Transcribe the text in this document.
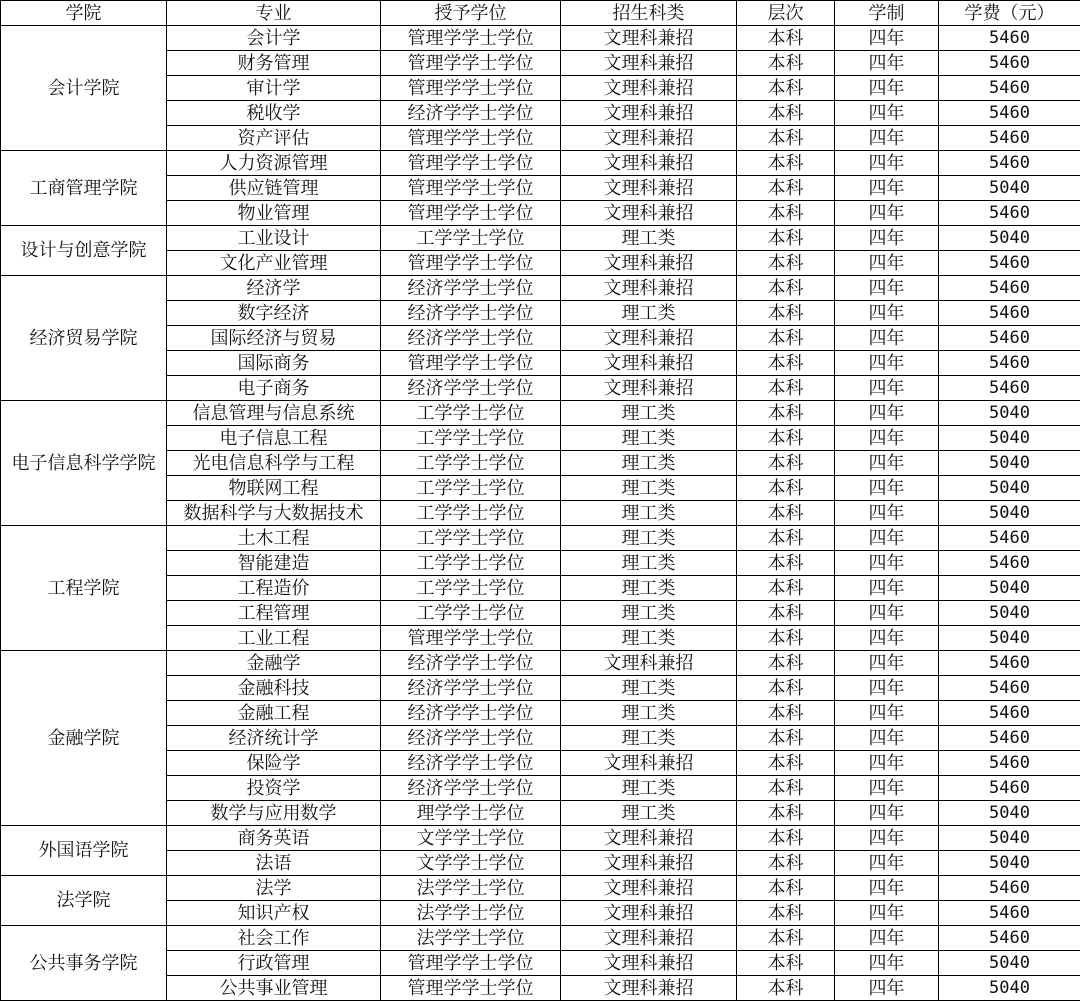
学院	专业	授予学位	招生科类	层次	学制	学费（元）
会计学院	会计学	管理学学士学位	文理科兼招	本科	四年	5460
	财务管理	管理学学士学位	文理科兼招	本科	四年	5460
	审计学	管理学学士学位	文理科兼招	本科	四年	5460
	税收学	经济学学士学位	文理科兼招	本科	四年	5460
	资产评估	管理学学士学位	文理科兼招	本科	四年	5460
工商管理学院	人力资源管理	管理学学士学位	文理科兼招	本科	四年	5460
	供应链管理	管理学学士学位	文理科兼招	本科	四年	5040
	物业管理	管理学学士学位	文理科兼招	本科	四年	5460
设计与创意学院	工业设计	工学学士学位	理工类	本科	四年	5040
	文化产业管理	管理学学士学位	文理科兼招	本科	四年	5460
经济贸易学院	经济学	经济学学士学位	文理科兼招	本科	四年	5460
	数字经济	经济学学士学位	理工类	本科	四年	5460
	国际经济与贸易	经济学学士学位	文理科兼招	本科	四年	5460
	国际商务	管理学学士学位	文理科兼招	本科	四年	5460
	电子商务	经济学学士学位	文理科兼招	本科	四年	5460
电子信息科学学院	信息管理与信息系统	工学学士学位	理工类	本科	四年	5040
	电子信息工程	工学学士学位	理工类	本科	四年	5040
	光电信息科学与工程	工学学士学位	理工类	本科	四年	5040
	物联网工程	工学学士学位	理工类	本科	四年	5040
	数据科学与大数据技术	工学学士学位	理工类	本科	四年	5040
工程学院	土木工程	工学学士学位	理工类	本科	四年	5460
	智能建造	工学学士学位	理工类	本科	四年	5460
	工程造价	工学学士学位	理工类	本科	四年	5040
	工程管理	工学学士学位	理工类	本科	四年	5040
	工业工程	管理学学士学位	理工类	本科	四年	5040
金融学院	金融学	经济学学士学位	文理科兼招	本科	四年	5460
	金融科技	经济学学士学位	理工类	本科	四年	5460
	金融工程	经济学学士学位	理工类	本科	四年	5460
	经济统计学	经济学学士学位	理工类	本科	四年	5460
	保险学	经济学学士学位	文理科兼招	本科	四年	5460
	投资学	经济学学士学位	理工类	本科	四年	5460
	数学与应用数学	理学学士学位	理工类	本科	四年	5040
外国语学院	商务英语	文学学士学位	文理科兼招	本科	四年	5040
	法语	文学学士学位	文理科兼招	本科	四年	5040
法学院	法学	法学学士学位	文理科兼招	本科	四年	5460
	知识产权	法学学士学位	文理科兼招	本科	四年	5460
公共事务学院	社会工作	法学学士学位	文理科兼招	本科	四年	5460
	行政管理	管理学学士学位	文理科兼招	本科	四年	5040
	公共事业管理	管理学学士学位	文理科兼招	本科	四年	5040
